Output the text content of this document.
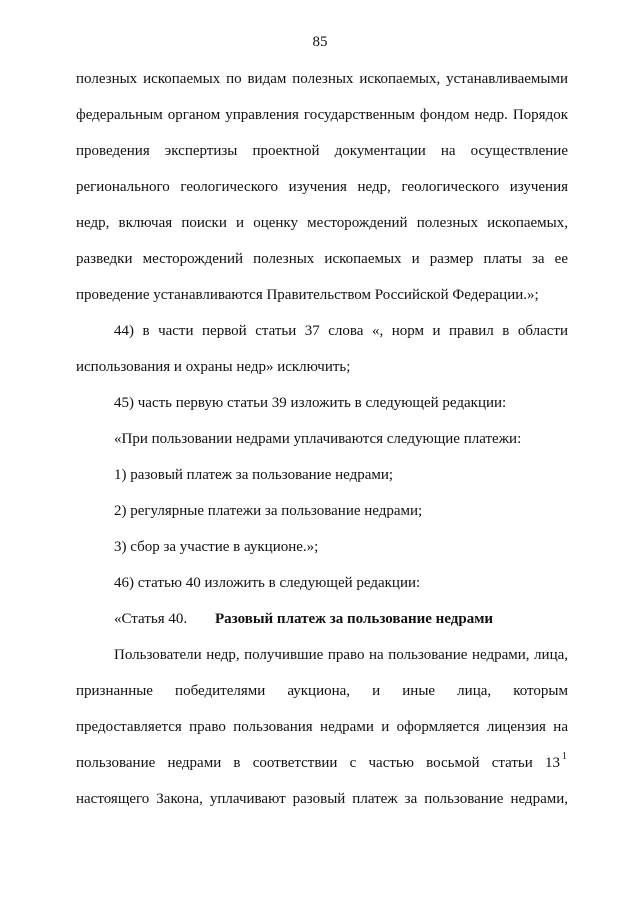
85
полезных ископаемых по видам полезных ископаемых, устанавливаемыми
федеральным органом управления государственным фондом недр. Порядок
проведения экспертизы проектной документации на осуществление
регионального геологического изучения недр, геологического изучения
недр, включая поиски и оценку месторождений полезных ископаемых,
разведки месторождений полезных ископаемых и размер платы за ее
проведение устанавливаются Правительством Российской Федерации.»;
44) в части первой статьи 37 слова «, норм и правил в области
использования и охраны недр» исключить;
45) часть первую статьи 39 изложить в следующей редакции:
«При пользовании недрами уплачиваются следующие платежи:
1) разовый платеж за пользование недрами;
2) регулярные платежи за пользование недрами;
3) сбор за участие в аукционе.»;
46) статью 40 изложить в следующей редакции:
«Статья 40. Разовый платеж за пользование недрами
Пользователи недр, получившие право на пользование недрами, лица,
признанные победителями аукциона, и иные лица, которым
предоставляется право пользования недрами и оформляется лицензия на
пользование недрами в соответствии с частью восьмой статьи 13 1
настоящего Закона, уплачивают разовый платеж за пользование недрами,
